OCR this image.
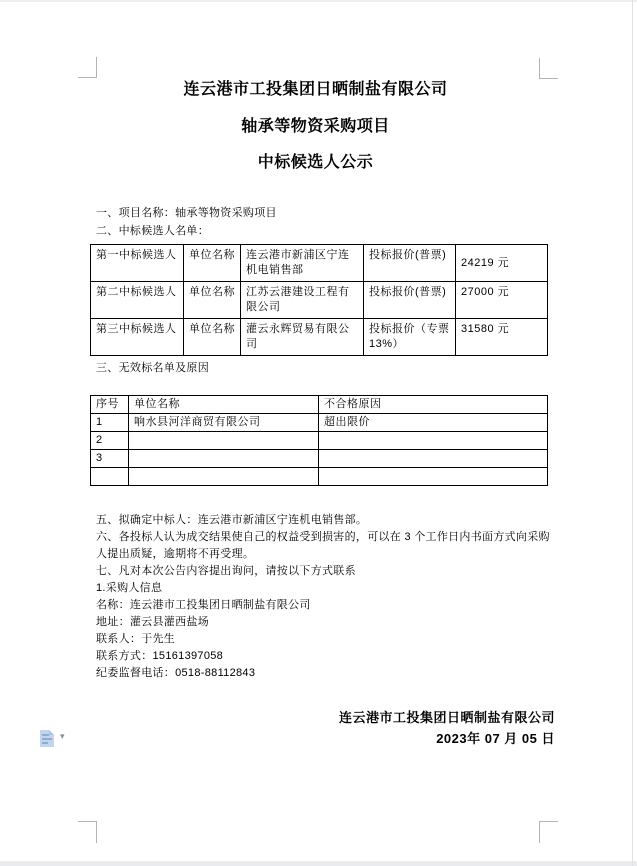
连云港市工投集团日晒制盐有限公司
轴承等物资采购项目
中标候选人公示
一、项目名称：轴承等物资采购项目
二、中标候选人名单：
第一中标候选人	单位名称	连云港市新浦区宁连机电销售部	投标报价(普票)	24219 元
第二中标候选人	单位名称	江苏云港建设工程有限公司	投标报价(普票)	27000 元
第三中标候选人	单位名称	灌云永辉贸易有限公司	投标报价（专票 13%）	31580 元
三、无效标名单及原因
序号	单位名称	不合格原因
1	响水县河洋商贸有限公司	超出限价
2		
3		

五、拟确定中标人：连云港市新浦区宁连机电销售部。
六、各投标人认为成交结果使自己的权益受到损害的，可以在 3 个工作日内书面方式向采购
人提出质疑，逾期将不再受理。
七、凡对本次公告内容提出询问，请按以下方式联系
1.采购人信息
名称：连云港市工投集团日晒制盐有限公司
地址：灌云县灌西盐场
联系人：于先生
联系方式：15161397058
纪委监督电话：0518-88112843
连云港市工投集团日晒制盐有限公司
2023年 07 月 05 日
▾
